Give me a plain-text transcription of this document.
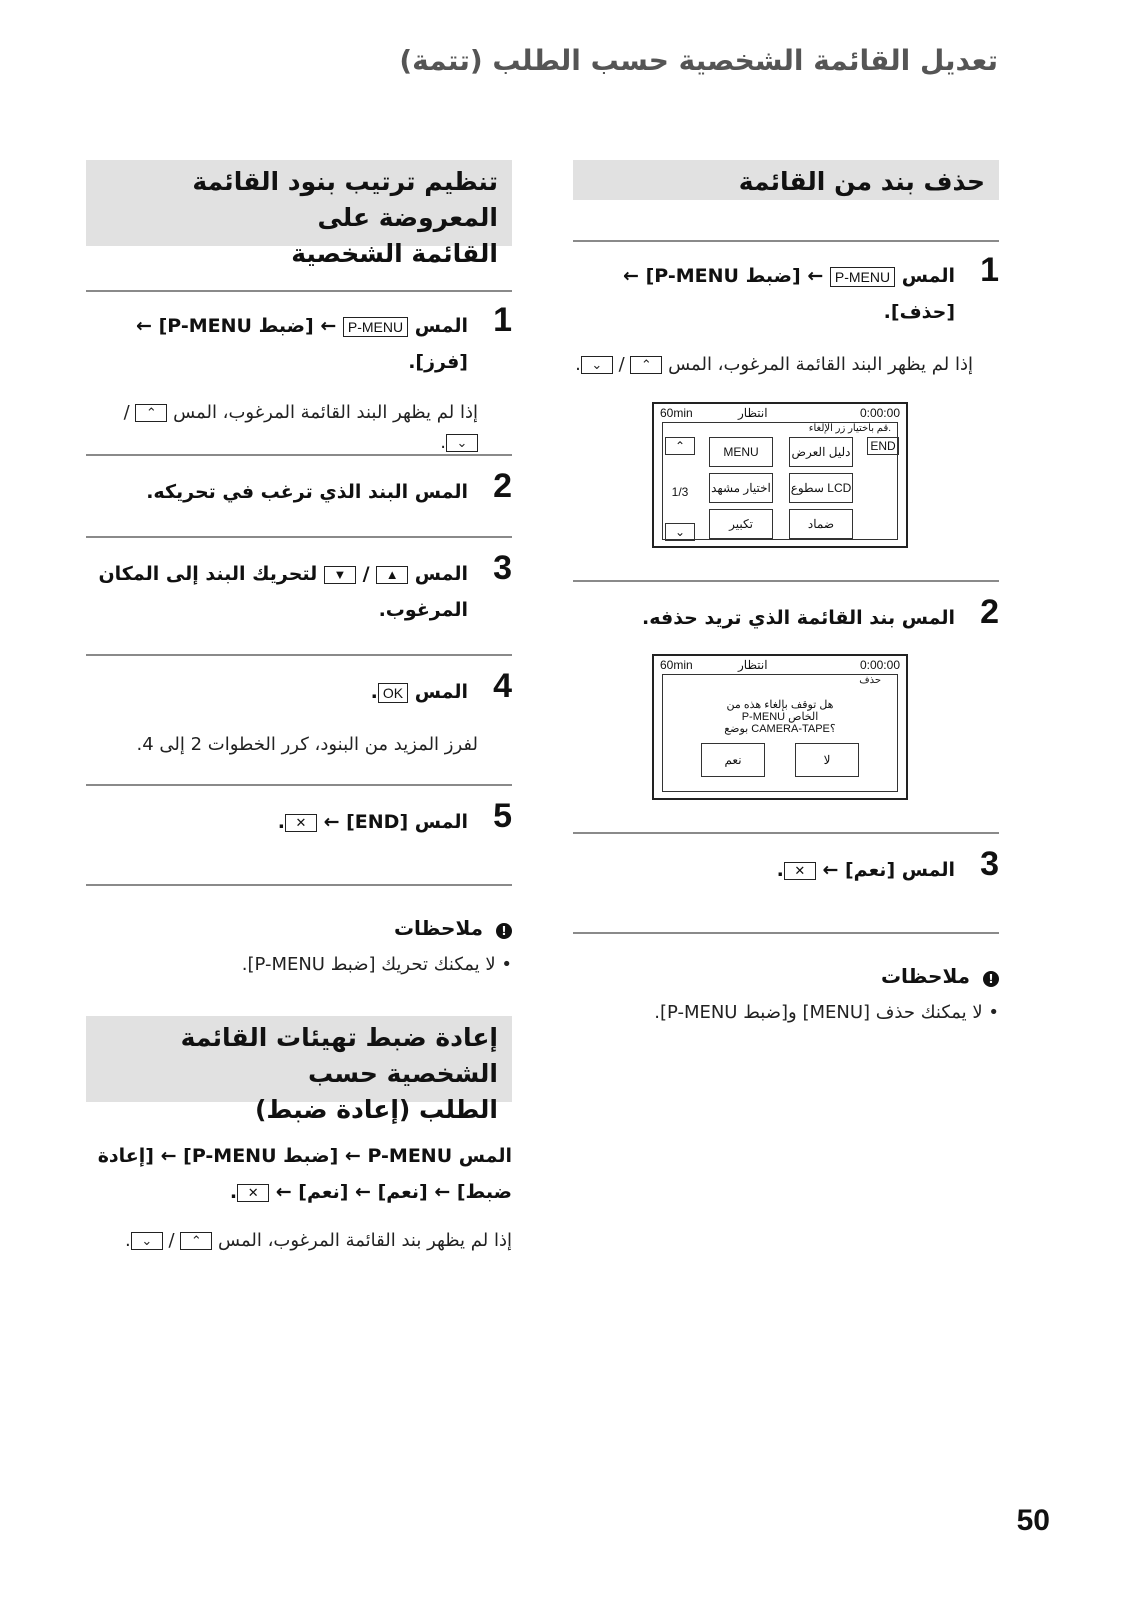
تعديل القائمة الشخصية حسب الطلب (تتمة)
حذف بند من القائمة
1
المس P-MENU ← [ضبط P-MENU] ← [حذف].
إذا لم يظهر البند القائمة المرغوب، المس ⌃ / ⌄.
60min	انتظار	0:00:00
قم باختيار زر الإلغاء.
⌃
⌄
1/3
MENU	دليل العرض END
اختيار مشهد سطوع LCD
تكبير	ضماد
2
المس بند القائمة الذي تريد حذفه.
60min	انتظار	0:00:00
حذف
هل توقف بإلغاء هذه من
P-MENU الخاص
بوضع CAMERA-TAPE؟
نعم	لا
3
المس [نعم] ← ✕.
! ملاحظات
• لا يمكنك حذف [MENU] و[ضبط P-MENU].
تنظيم ترتيب بنود القائمة المعروضة على
القائمة الشخصية
1
المس P-MENU ← [ضبط P-MENU] ← [فرز].
إذا لم يظهر البند القائمة المرغوب، المس ⌃ / ⌄.
2
المس البند الذي ترغب في تحريكه.
3
المس ▲ / ▼ لتحريك البند إلى المكان
المرغوب.
4
المس OK.
لفرز المزيد من البنود، كرر الخطوات 2 إلى 4.
5
المس [END] ← ✕.
! ملاحظات
• لا يمكنك تحريك [ضبط P-MENU].
إعادة ضبط تهيئات القائمة الشخصية حسب
الطلب (إعادة ضبط)
المس P-MENU ← [ضبط P-MENU] ← [إعادة
ضبط] ← [نعم] ← [نعم] ← ✕.
إذا لم يظهر بند القائمة المرغوب، المس ⌃ / ⌄.
50
